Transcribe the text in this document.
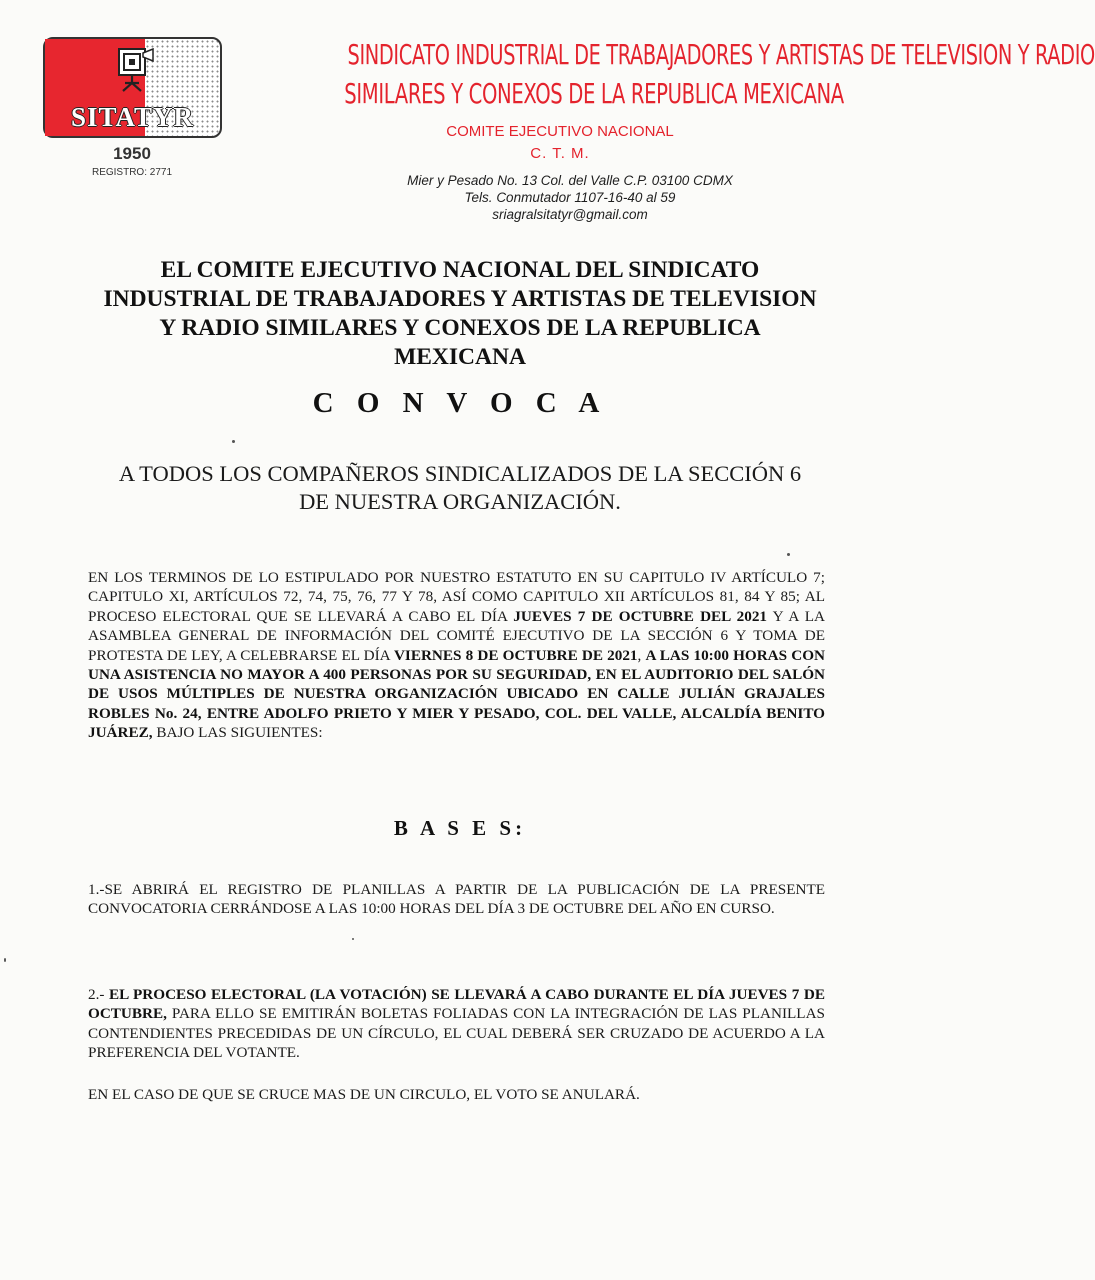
SITATYR
1950
REGISTRO: 2771
SINDICATO INDUSTRIAL DE TRABAJADORES Y ARTISTAS DE TELEVISION Y RADIO
SIMILARES Y CONEXOS DE LA REPUBLICA MEXICANA
COMITE EJECUTIVO NACIONAL
C. T. M.
Mier y Pesado No. 13 Col. del Valle C.P. 03100 CDMX
Tels. Conmutador 1107-16-40 al 59
sriagralsitatyr@gmail.com
EL COMITE EJECUTIVO NACIONAL DEL SINDICATO
INDUSTRIAL DE TRABAJADORES Y ARTISTAS DE TELEVISION
Y RADIO SIMILARES Y CONEXOS DE LA REPUBLICA
MEXICANA
C O N V O C A
A TODOS LOS COMPAÑEROS SINDICALIZADOS DE LA SECCIÓN 6
DE NUESTRA ORGANIZACIÓN.
EN LOS TERMINOS DE LO ESTIPULADO POR NUESTRO ESTATUTO EN SU CAPITULO IV ARTÍCULO 7; CAPITULO XI, ARTÍCULOS 72, 74, 75, 76, 77 Y 78, ASÍ COMO CAPITULO XII ARTÍCULOS 81, 84 Y 85; AL PROCESO ELECTORAL QUE SE LLEVARÁ A CABO EL DÍA JUEVES 7 DE OCTUBRE DEL 2021 Y A LA ASAMBLEA GENERAL DE INFORMACIÓN DEL COMITÉ EJECUTIVO DE LA SECCIÓN 6 Y TOMA DE PROTESTA DE LEY, A CELEBRARSE EL DÍA VIERNES 8 DE OCTUBRE DE 2021, A LAS 10:00 HORAS CON UNA ASISTENCIA NO MAYOR A 400 PERSONAS POR SU SEGURIDAD, EN EL AUDITORIO DEL SALÓN DE USOS MÚLTIPLES DE NUESTRA ORGANIZACIÓN UBICADO EN CALLE JULIÁN GRAJALES ROBLES No. 24, ENTRE ADOLFO PRIETO Y MIER Y PESADO, COL. DEL VALLE, ALCALDÍA BENITO JUÁREZ, BAJO LAS SIGUIENTES:
B A S E S:
1.-SE ABRIRÁ EL REGISTRO DE PLANILLAS A PARTIR DE LA PUBLICACIÓN DE LA PRESENTE CONVOCATORIA CERRÁNDOSE A LAS 10:00 HORAS DEL DÍA 3 DE OCTUBRE DEL AÑO EN CURSO.
2.- EL PROCESO ELECTORAL (LA VOTACIÓN) SE LLEVARÁ A CABO DURANTE EL DÍA JUEVES 7 DE OCTUBRE, PARA ELLO SE EMITIRÁN BOLETAS FOLIADAS CON LA INTEGRACIÓN DE LAS PLANILLAS CONTENDIENTES PRECEDIDAS DE UN CÍRCULO, EL CUAL DEBERÁ SER CRUZADO DE ACUERDO A LA PREFERENCIA DEL VOTANTE.
EN EL CASO DE QUE SE CRUCE MAS DE UN CIRCULO, EL VOTO SE ANULARÁ.
